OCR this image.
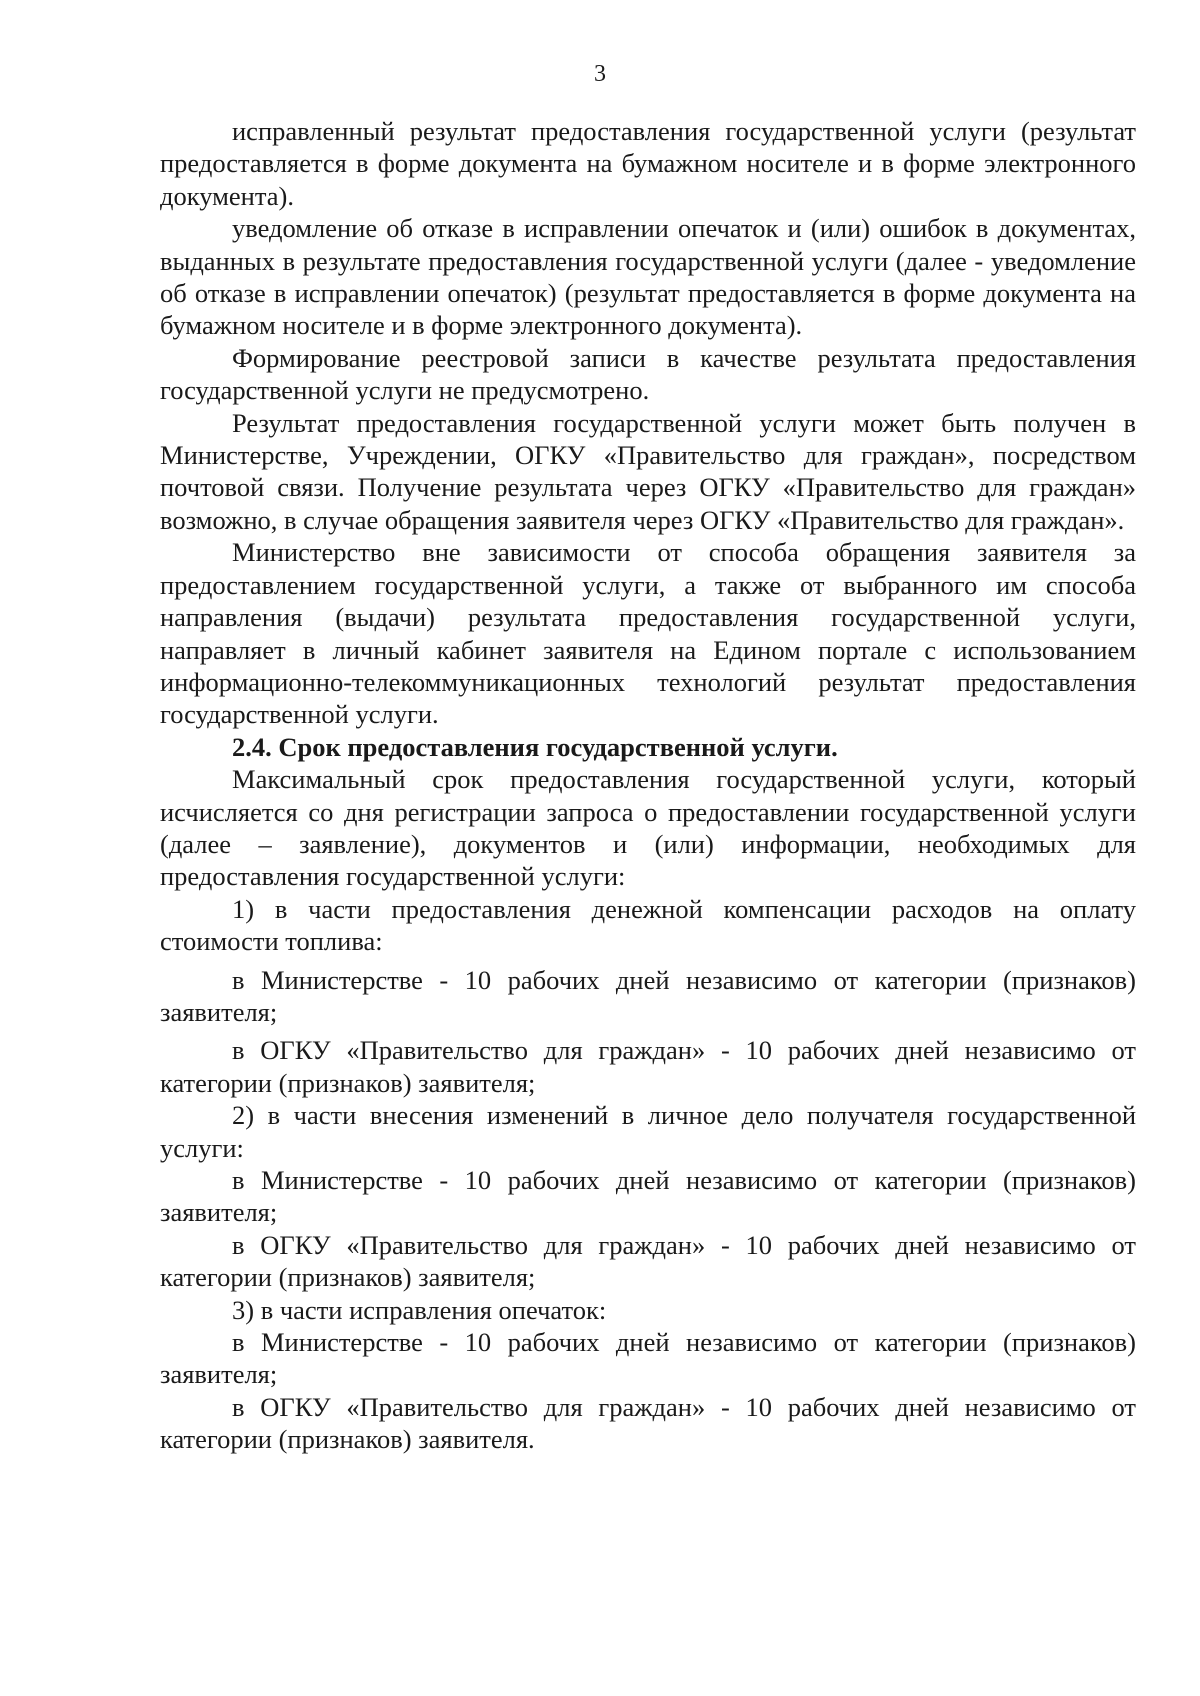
3

исправленный результат предоставления государственной услуги (результат предоставляется в форме документа на бумажном носителе и в форме электронного документа).

уведомление об отказе в исправлении опечаток и (или) ошибок в документах, выданных в результате предоставления государственной услуги (далее - уведомление об отказе в исправлении опечаток) (результат предоставляется в форме документа на бумажном носителе и в форме электронного документа).

Формирование реестровой записи в качестве результата предоставления государственной услуги не предусмотрено.

Результат предоставления государственной услуги может быть получен в Министерстве, Учреждении, ОГКУ «Правительство для граждан», посредством почтовой связи. Получение результата через ОГКУ «Правительство для граждан» возможно, в случае обращения заявителя через ОГКУ «Правительство для граждан».

Министерство вне зависимости от способа обращения заявителя за предоставлением государственной услуги, а также от выбранного им способа направления (выдачи) результата предоставления государственной услуги, направляет в личный кабинет заявителя на Едином портале с использованием информационно-телекоммуникационных технологий результат предоставления государственной услуги.

2.4. Срок предоставления государственной услуги.

Максимальный срок предоставления государственной услуги, который исчисляется со дня регистрации запроса о предоставлении государственной услуги (далее – заявление), документов и (или) информации, необходимых для предоставления государственной услуги:

1) в части предоставления денежной компенсации расходов на оплату стоимости топлива:

в Министерстве - 10 рабочих дней независимо от категории (признаков) заявителя;

в ОГКУ «Правительство для граждан» - 10 рабочих дней независимо от категории (признаков) заявителя;

2) в части внесения изменений в личное дело получателя государственной услуги:

в Министерстве - 10 рабочих дней независимо от категории (признаков) заявителя;

в ОГКУ «Правительство для граждан» - 10 рабочих дней независимо от категории (признаков) заявителя;

3) в части исправления опечаток:

в Министерстве - 10 рабочих дней независимо от категории (признаков) заявителя;

в ОГКУ «Правительство для граждан» - 10 рабочих дней независимо от категории (признаков) заявителя.
